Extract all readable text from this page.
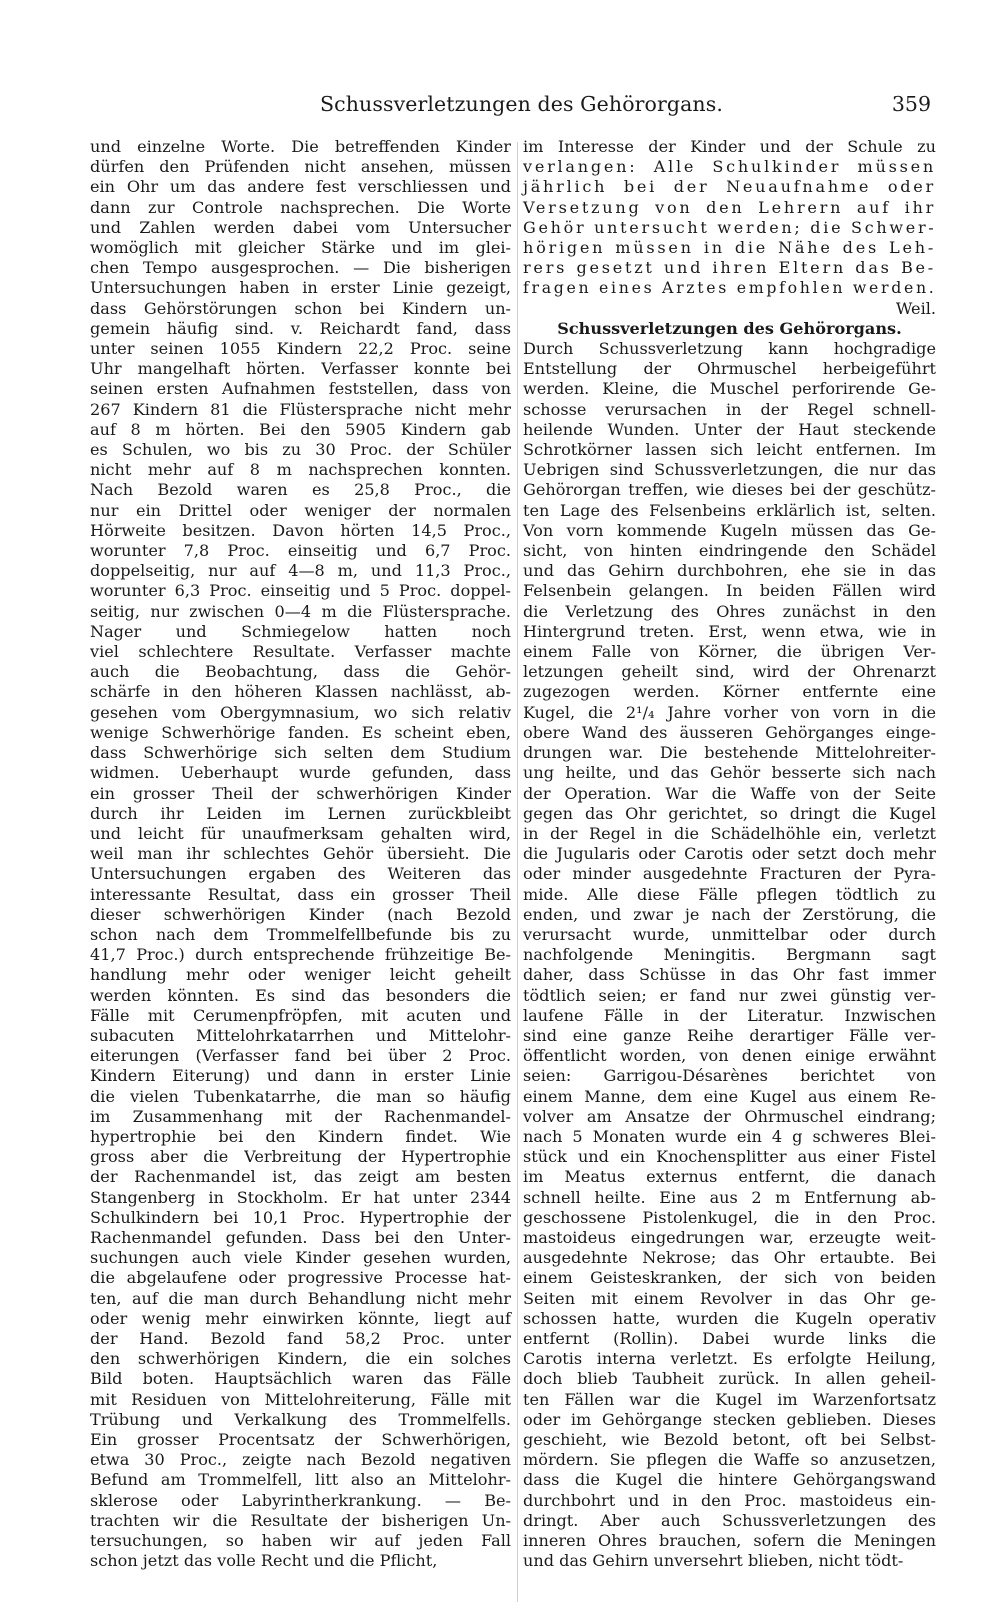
Schussverletzungen des Gehörorgans.	359
und einzelne Worte. Die betreffenden Kinder
dürfen den Prüfenden nicht ansehen, müssen
ein Ohr um das andere fest verschliessen und
dann zur Controle nachsprechen. Die Worte
und Zahlen werden dabei vom Untersucher
womöglich mit gleicher Stärke und im glei-
chen Tempo ausgesprochen. — Die bisherigen
Untersuchungen haben in erster Linie gezeigt,
dass Gehörstörungen schon bei Kindern un-
gemein häufig sind. v. Reichardt fand, dass
unter seinen 1055 Kindern 22,2 Proc. seine
Uhr mangelhaft hörten. Verfasser konnte bei
seinen ersten Aufnahmen feststellen, dass von
267 Kindern 81 die Flüstersprache nicht mehr
auf 8 m hörten. Bei den 5905 Kindern gab
es Schulen, wo bis zu 30 Proc. der Schüler
nicht mehr auf 8 m nachsprechen konnten.
Nach Bezold waren es 25,8 Proc., die
nur ein Drittel oder weniger der normalen
Hörweite besitzen. Davon hörten 14,5 Proc.,
worunter 7,8 Proc. einseitig und 6,7 Proc.
doppelseitig, nur auf 4—8 m, und 11,3 Proc.,
worunter 6,3 Proc. einseitig und 5 Proc. doppel-
seitig, nur zwischen 0—4 m die Flüstersprache.
Nager und Schmiegelow hatten noch
viel schlechtere Resultate. Verfasser machte
auch die Beobachtung, dass die Gehör-
schärfe in den höheren Klassen nachlässt, ab-
gesehen vom Obergymnasium, wo sich relativ
wenige Schwerhörige fanden. Es scheint eben,
dass Schwerhörige sich selten dem Studium
widmen. Ueberhaupt wurde gefunden, dass
ein grosser Theil der schwerhörigen Kinder
durch ihr Leiden im Lernen zurückbleibt
und leicht für unaufmerksam gehalten wird,
weil man ihr schlechtes Gehör übersieht. Die
Untersuchungen ergaben des Weiteren das
interessante Resultat, dass ein grosser Theil
dieser schwerhörigen Kinder (nach Bezold
schon nach dem Trommelfellbefunde bis zu
41,7 Proc.) durch entsprechende frühzeitige Be-
handlung mehr oder weniger leicht geheilt
werden könnten. Es sind das besonders die
Fälle mit Cerumenpfröpfen, mit acuten und
subacuten Mittelohrkatarrhen und Mittelohr-
eiterungen (Verfasser fand bei über 2 Proc.
Kindern Eiterung) und dann in erster Linie
die vielen Tubenkatarrhe, die man so häufig
im Zusammenhang mit der Rachenmandel-
hypertrophie bei den Kindern findet. Wie
gross aber die Verbreitung der Hypertrophie
der Rachenmandel ist, das zeigt am besten
Stangenberg in Stockholm. Er hat unter 2344
Schulkindern bei 10,1 Proc. Hypertrophie der
Rachenmandel gefunden. Dass bei den Unter-
suchungen auch viele Kinder gesehen wurden,
die abgelaufene oder progressive Processe hat-
ten, auf die man durch Behandlung nicht mehr
oder wenig mehr einwirken könnte, liegt auf
der Hand. Bezold fand 58,2 Proc. unter
den schwerhörigen Kindern, die ein solches
Bild boten. Hauptsächlich waren das Fälle
mit Residuen von Mittelohreiterung, Fälle mit
Trübung und Verkalkung des Trommelfells.
Ein grosser Procentsatz der Schwerhörigen,
etwa 30 Proc., zeigte nach Bezold negativen
Befund am Trommelfell, litt also an Mittelohr-
sklerose oder Labyrintherkrankung. — Be-
trachten wir die Resultate der bisherigen Un-
tersuchungen, so haben wir auf jeden Fall
schon jetzt das volle Recht und die Pflicht,
im Interesse der Kinder und der Schule zu
verlangen: Alle Schulkinder müssen
jährlich bei der Neuaufnahme oder
Versetzung von den Lehrern auf ihr
Gehör untersucht werden; die Schwer-
hörigen müssen in die Nähe des Leh-
rers gesetzt und ihren Eltern das Be-
fragen eines Arztes empfohlen werden.
Weil.
Schussverletzungen des Gehörorgans.
Durch Schussverletzung kann hochgradige
Entstellung der Ohrmuschel herbeigeführt
werden. Kleine, die Muschel perforirende Ge-
schosse verursachen in der Regel schnell-
heilende Wunden. Unter der Haut steckende
Schrotkörner lassen sich leicht entfernen. Im
Uebrigen sind Schussverletzungen, die nur das
Gehörorgan treffen, wie dieses bei der geschütz-
ten Lage des Felsenbeins erklärlich ist, selten.
Von vorn kommende Kugeln müssen das Ge-
sicht, von hinten eindringende den Schädel
und das Gehirn durchbohren, ehe sie in das
Felsenbein gelangen. In beiden Fällen wird
die Verletzung des Ohres zunächst in den
Hintergrund treten. Erst, wenn etwa, wie in
einem Falle von Körner, die übrigen Ver-
letzungen geheilt sind, wird der Ohrenarzt
zugezogen werden. Körner entfernte eine
Kugel, die 2¹/₄ Jahre vorher von vorn in die
obere Wand des äusseren Gehörganges einge-
drungen war. Die bestehende Mittelohreiter-
ung heilte, und das Gehör besserte sich nach
der Operation. War die Waffe von der Seite
gegen das Ohr gerichtet, so dringt die Kugel
in der Regel in die Schädelhöhle ein, verletzt
die Jugularis oder Carotis oder setzt doch mehr
oder minder ausgedehnte Fracturen der Pyra-
mide. Alle diese Fälle pflegen tödtlich zu
enden, und zwar je nach der Zerstörung, die
verursacht wurde, unmittelbar oder durch
nachfolgende Meningitis. Bergmann sagt
daher, dass Schüsse in das Ohr fast immer
tödtlich seien; er fand nur zwei günstig ver-
laufene Fälle in der Literatur. Inzwischen
sind eine ganze Reihe derartiger Fälle ver-
öffentlicht worden, von denen einige erwähnt
seien: Garrigou-Désarènes berichtet von
einem Manne, dem eine Kugel aus einem Re-
volver am Ansatze der Ohrmuschel eindrang;
nach 5 Monaten wurde ein 4 g schweres Blei-
stück und ein Knochensplitter aus einer Fistel
im Meatus externus entfernt, die danach
schnell heilte. Eine aus 2 m Entfernung ab-
geschossene Pistolenkugel, die in den Proc.
mastoideus eingedrungen war, erzeugte weit-
ausgedehnte Nekrose; das Ohr ertaubte. Bei
einem Geisteskranken, der sich von beiden
Seiten mit einem Revolver in das Ohr ge-
schossen hatte, wurden die Kugeln operativ
entfernt (Rollin). Dabei wurde links die
Carotis interna verletzt. Es erfolgte Heilung,
doch blieb Taubheit zurück. In allen geheil-
ten Fällen war die Kugel im Warzenfortsatz
oder im Gehörgange stecken geblieben. Dieses
geschieht, wie Bezold betont, oft bei Selbst-
mördern. Sie pflegen die Waffe so anzusetzen,
dass die Kugel die hintere Gehörgangswand
durchbohrt und in den Proc. mastoideus ein-
dringt. Aber auch Schussverletzungen des
inneren Ohres brauchen, sofern die Meningen
und das Gehirn unversehrt blieben, nicht tödt-
